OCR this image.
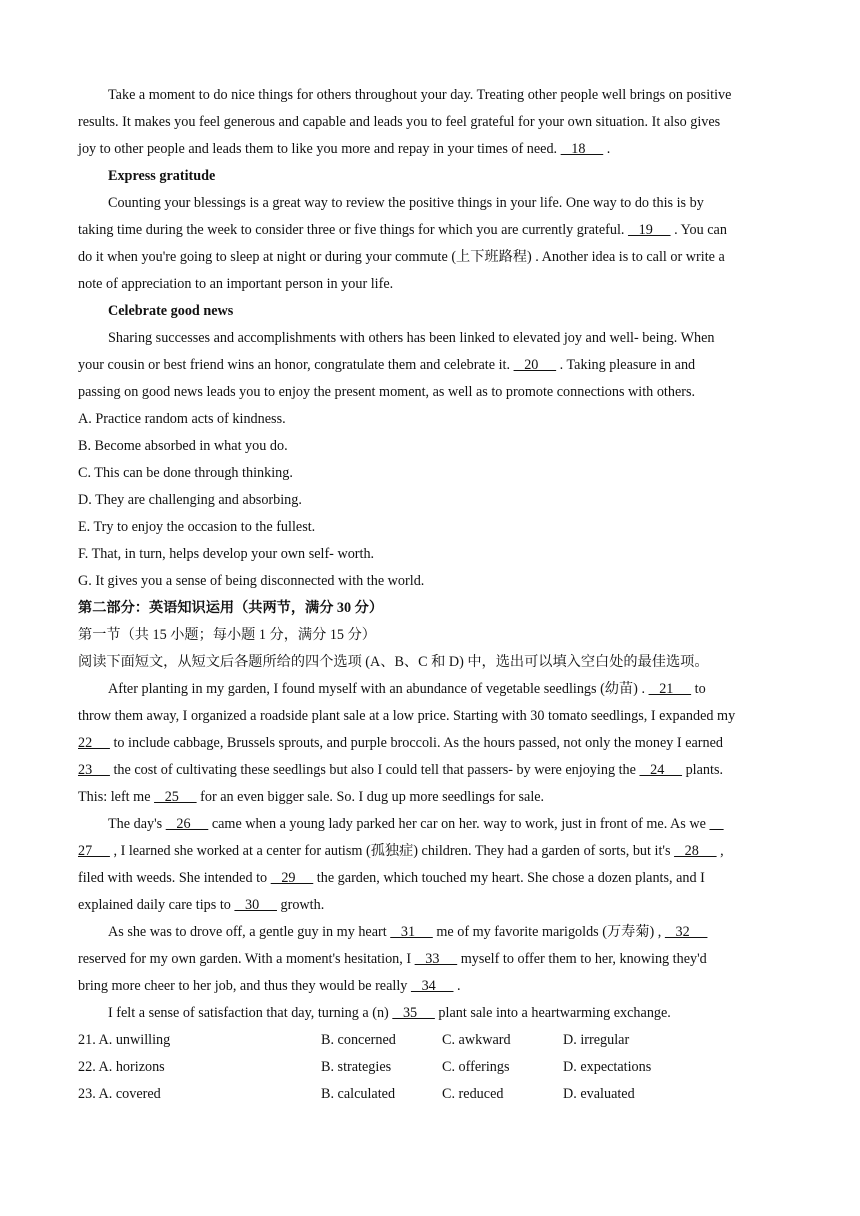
Take a moment to do nice things for others throughout your day. Treating other people well brings on positive
results. It makes you feel generous and capable and leads you to feel grateful for your own situation. It also gives
joy to other people and leads them to like you more and repay in your times of need.    18      .
Express gratitude
Counting your blessings is a great way to review the positive things in your life. One way to do this is by
taking time during the week to consider three or five things for which you are currently grateful.    19      . You can
do it when you're going to sleep at night or during your commute (上下班路程) . Another idea is to call or write a
note of appreciation to an important person in your life.
Celebrate good news
Sharing successes and accomplishments with others has been linked to elevated joy and well- being. When
your cousin or best friend wins an honor, congratulate them and celebrate it.    20      . Taking pleasure in and
passing on good news leads you to enjoy the present moment, as well as to promote connections with others.
A. Practice random acts of kindness.
B. Become absorbed in what you do.
C. This can be done through thinking.
D. They are challenging and absorbing.
E. Try to enjoy the occasion to the fullest.
F. That, in turn, helps develop your own self- worth.
G. It gives you a sense of being disconnected with the world.
第二部分：英语知识运用（共两节，满分 30 分）
第一节（共 15 小题；每小题 1 分，满分 15 分）
阅读下面短文，从短文后各题所给的四个选项 (A、B、C 和 D) 中，选出可以填入空白处的最佳选项。
After planting in my garden, I found myself with an abundance of vegetable seedlings (幼苗) .    21      to
throw them away, I organized a roadside plant sale at a low price. Starting with 30 tomato seedlings, I expanded my
22      to include cabbage, Brussels sprouts, and purple broccoli. As the hours passed, not only the money I earned
23      the cost of cultivating these seedlings but also I could tell that passers- by were enjoying the    24      plants.
This: left me    25      for an even bigger sale. So. I dug up more seedlings for sale.
The day's    26      came when a young lady parked her car on her. way to work, just in front of me. As we
27      , I learned she worked at a center for autism (孤独症) children. They had a garden of sorts, but it's    28      ,
filed with weeds. She intended to    29      the garden, which touched my heart. She chose a dozen plants, and I
explained daily care tips to    30      growth.
As she was to drove off, a gentle guy in my heart    31      me of my favorite marigolds (万寿菊) ,    32
reserved for my own garden. With a moment's hesitation, I    33      myself to offer them to her, knowing they'd
bring more cheer to her job, and thus they would be really    34      .
I felt a sense of satisfaction that day, turning a (n)    35      plant sale into a heartwarming exchange.
21. A. unwilling	B. concerned	C. awkward	D. irregular
22. A. horizons	B. strategies	C. offerings	D. expectations
23. A. covered	B. calculated	C. reduced	D. evaluated
